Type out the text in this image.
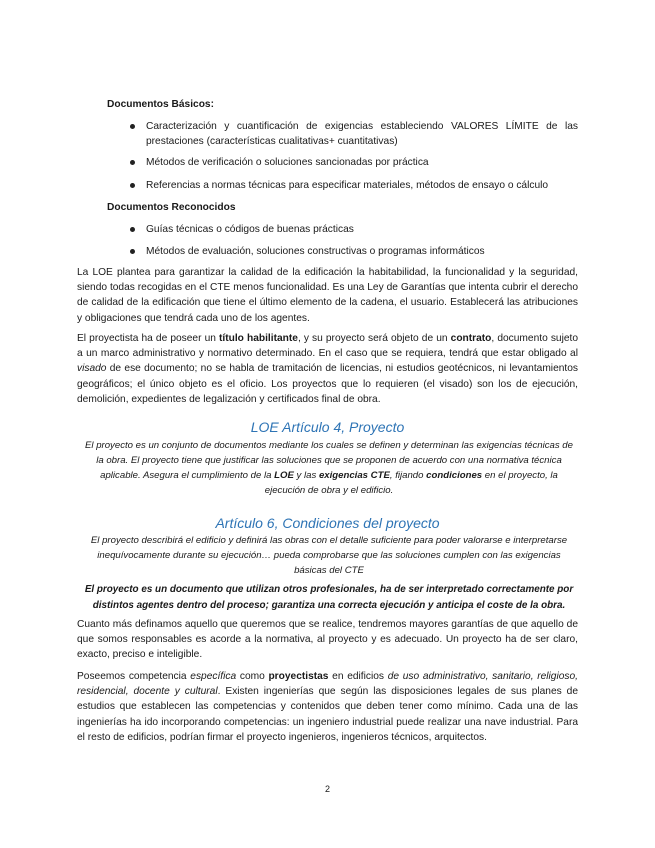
Documentos Básicos:
Caracterización y cuantificación de exigencias estableciendo VALORES LÍMITE de las prestaciones (características cualitativas+ cuantitativas)
Métodos de verificación o soluciones sancionadas por práctica
Referencias a normas técnicas para especificar materiales, métodos de ensayo o cálculo
Documentos Reconocidos
Guías técnicas o códigos de buenas prácticas
Métodos de evaluación, soluciones constructivas o programas informáticos
La LOE plantea para garantizar la calidad de la edificación la habitabilidad, la funcionalidad y la seguridad, siendo todas recogidas en el CTE menos funcionalidad. Es una Ley de Garantías que intenta cubrir el derecho de calidad de la edificación que tiene el último elemento de la cadena, el usuario. Establecerá las atribuciones y obligaciones que tendrá cada uno de los agentes.
El proyectista ha de poseer un título habilitante, y su proyecto será objeto de un contrato, documento sujeto a un marco administrativo y normativo determinado. En el caso que se requiera, tendrá que estar obligado al visado de ese documento; no se habla de tramitación de licencias, ni estudios geotécnicos, ni levantamientos geográficos; el único objeto es el oficio. Los proyectos que lo requieren (el visado) son los de ejecución, demolición, expedientes de legalización y certificados final de obra.
LOE Artículo 4, Proyecto
El proyecto es un conjunto de documentos mediante los cuales se definen y determinan las exigencias técnicas de la obra. El proyecto tiene que justificar las soluciones que se proponen de acuerdo con una normativa técnica aplicable. Asegura el cumplimiento de la LOE y las exigencias CTE, fijando condiciones en el proyecto, la ejecución de obra y el edificio.
Artículo 6, Condiciones del proyecto
El proyecto describirá el edificio y definirá las obras con el detalle suficiente para poder valorarse e interpretarse inequívocamente durante su ejecución… pueda comprobarse que las soluciones cumplen con las exigencias básicas del CTE
El proyecto es un documento que utilizan otros profesionales, ha de ser interpretado correctamente por distintos agentes dentro del proceso; garantiza una correcta ejecución y anticipa el coste de la obra.
Cuanto más definamos aquello que queremos que se realice, tendremos mayores garantías de que aquello de que somos responsables es acorde a la normativa, al proyecto y es adecuado. Un proyecto ha de ser claro, exacto, preciso e inteligible.
Poseemos competencia específica como proyectistas en edificios de uso administrativo, sanitario, religioso, residencial, docente y cultural. Existen ingenierías que según las disposiciones legales de sus planes de estudios que establecen las competencias y contenidos que deben tener como mínimo. Cada una de las ingenierías ha ido incorporando competencias: un ingeniero industrial puede realizar una nave industrial. Para el resto de edificios, podrían firmar el proyecto ingenieros, ingenieros técnicos, arquitectos.
2
